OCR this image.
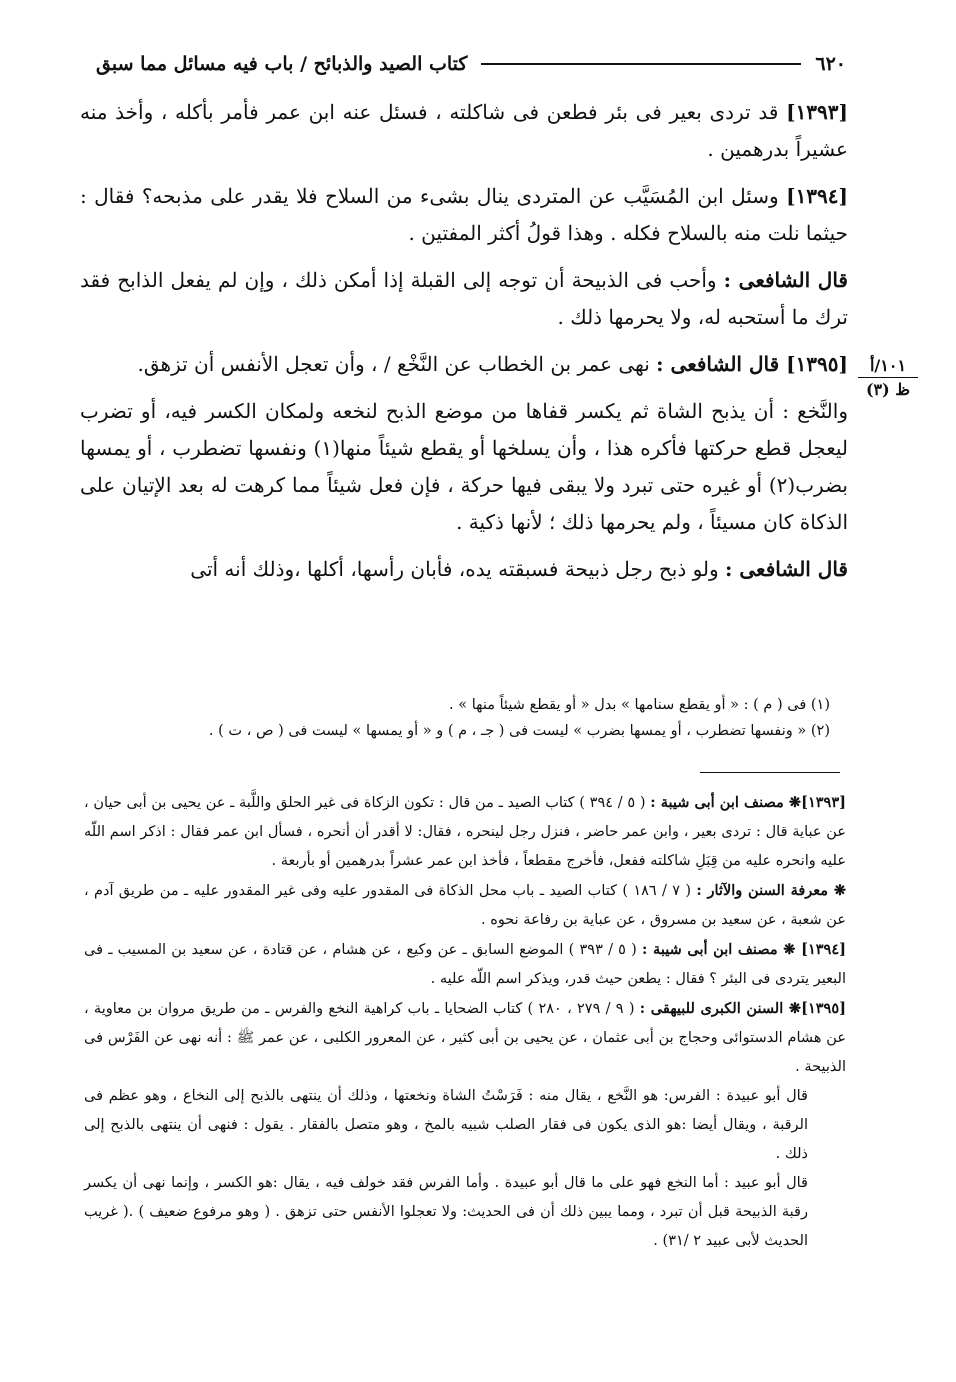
٦٢٠
كتاب الصيد والذبائح / باب فيه مسائل مما سبق
١٠١/أ
ظ (٣)

[١٣٩٣] قد تردى بعير فى بئر فطعن فى شاكلته ، فسئل عنه ابن عمر فأمر بأكله ، وأخذ منه عشيراً بدرهمين .

[١٣٩٤] وسئل ابن المُسَيَّب عن المتردى ينال بشىء من السلاح فلا يقدر على مذبحه؟ فقال : حيثما نلت منه بالسلاح فكله . وهذا قولُ أكثر المفتين .

قال الشافعى : وأحب فى الذبيحة أن توجه إلى القبلة إذا أمكن ذلك ، وإن لم يفعل الذابح فقد ترك ما أستحبه له، ولا يحرمها ذلك .

[١٣٩٥] قال الشافعى : نهى عمر بن الخطاب عن النَّخْع / ، وأن تعجل الأنفس أن تزهق.

والنَّخع : أن يذبح الشاة ثم يكسر قفاها من موضع الذبح لنخعه ولمكان الكسر فيه، أو تضرب ليعجل قطع حركتها فأكره هذا ، وأن يسلخها أو يقطع شيئاً منها(١) ونفسها تضطرب ، أو يمسها بضرب(٢) أو غيره حتى تبرد ولا يبقى فيها حركة ، فإن فعل شيئاً مما كرهت له بعد الإتيان على الذكاة كان مسيئاً ، ولم يحرمها ذلك ؛ لأنها ذكية .

قال الشافعى : ولو ذبح رجل ذبيحة فسبقته يده، فأبان رأسها، أكلها ،وذلك أنه أتى

(١) فى ( م ) : « أو يقطع سنامها » بدل « أو يقطع شيئاً منها » .
(٢) « ونفسها تضطرب ، أو يمسها بضرب » ليست فى ( جـ ، م ) و « أو يمسها » ليست فى ( ص ، ت ) .

[١٣٩٣]❋ مصنف ابن أبى شيبة : ( ٥ / ٣٩٤ ) كتاب الصيد ـ من قال : تكون الزكاة فى غير الحلق واللَّبة ـ عن يحيى بن أبى حيان ، عن عباية قال : تردى بعير ، وابن عمر حاضر ، فنزل رجل لينحره ، فقال: لا أقدر أن أنحره ، فسأل ابن عمر فقال : اذكر اسم اللّه عليه وانحره عليه من قِبَلِ شاكلته ففعل، فأخرج مقطعاً ، فأخذ ابن عمر عشراً بدرهمين أو بأربعة .

❋ معرفة السنن والآثار : ( ٧ / ١٨٦ ) كتاب الصيد ـ باب محل الذكاة فى المقدور عليه وفى غير المقدور عليه ـ من طريق آدم ، عن شعبة ، عن سعيد بن مسروق ، عن عباية بن رفاعة نحوه .

[١٣٩٤] ❋ مصنف ابن أبى شيبة : ( ٥ / ٣٩٣ ) الموضع السابق ـ عن وكيع ، عن هشام ، عن قتادة ، عن سعيد بن المسيب ـ فى البعير يتردى فى البئر ؟ فقال : يطعن حيث قدر، ويذكر اسم اللّه عليه .

[١٣٩٥]❋ السنن الكبرى للبيهقى : ( ٩ / ٢٧٩ ، ٢٨٠ ) كتاب الضحايا ـ باب كراهية النخع والفرس ـ من طريق مروان بن معاوية ، عن هشام الدستوائى وحجاج بن أبى عثمان ، عن يحيى بن أبى كثير ، عن المعرور الكلبى ، عن عمر ﷺ : أنه نهى عن الفَرْس فى الذبيحة .

قال أبو عبيدة : الفرس: هو النَّخع ، يقال منه : فَرَسْتُ الشاة ونخعتها ، وذلك أن ينتهى بالذبح إلى النخاع ، وهو عظم فى الرقبة ، ويقال أيضا :هو الذى يكون فى فقار الصلب شبيه بالمخ ، وهو متصل بالفقار . يقول : فنهى أن ينتهى بالذبح إلى ذلك .

قال أبو عبيد : أما النخع فهو على ما قال أبو عبيدة . وأما الفرس فقد خولف فيه ، يقال :هو الكسر ، وإنما نهى أن يكسر رقبة الذبيحة قبل أن تبرد ، ومما يبين ذلك أن فى الحديث: ولا تعجلوا الأنفس حتى تزهق . ( وهو مرفوع ضعيف ) .( غريب الحديث لأبى عبيد ٢ /٣١) .
